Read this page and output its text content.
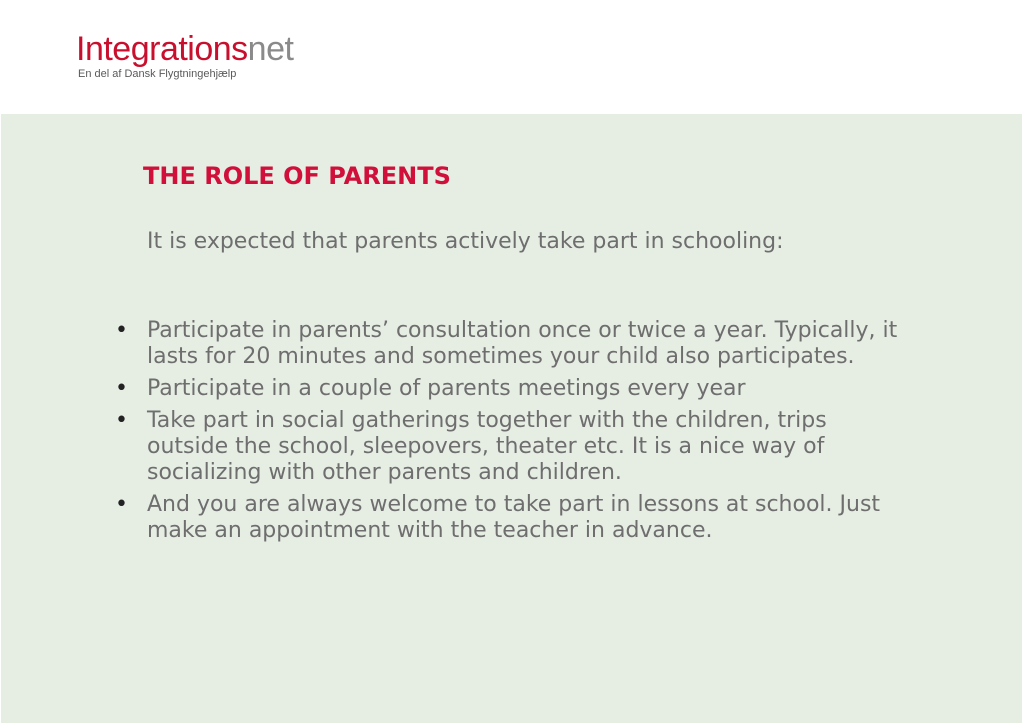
Integrationsnet
En del af Dansk Flygtningehjælp
THE ROLE OF PARENTS

It is expected that parents actively take part in schooling:

• Participate in parents’ consultation once or twice a year. Typically, it lasts for 20 minutes and sometimes your child also participates.
• Participate in a couple of parents meetings every year
• Take part in social gatherings together with the children, trips outside the school, sleepovers, theater etc. It is a nice way of socializing with other parents and children.
• And you are always welcome to take part in lessons at school. Just make an appointment with the teacher in advance.
